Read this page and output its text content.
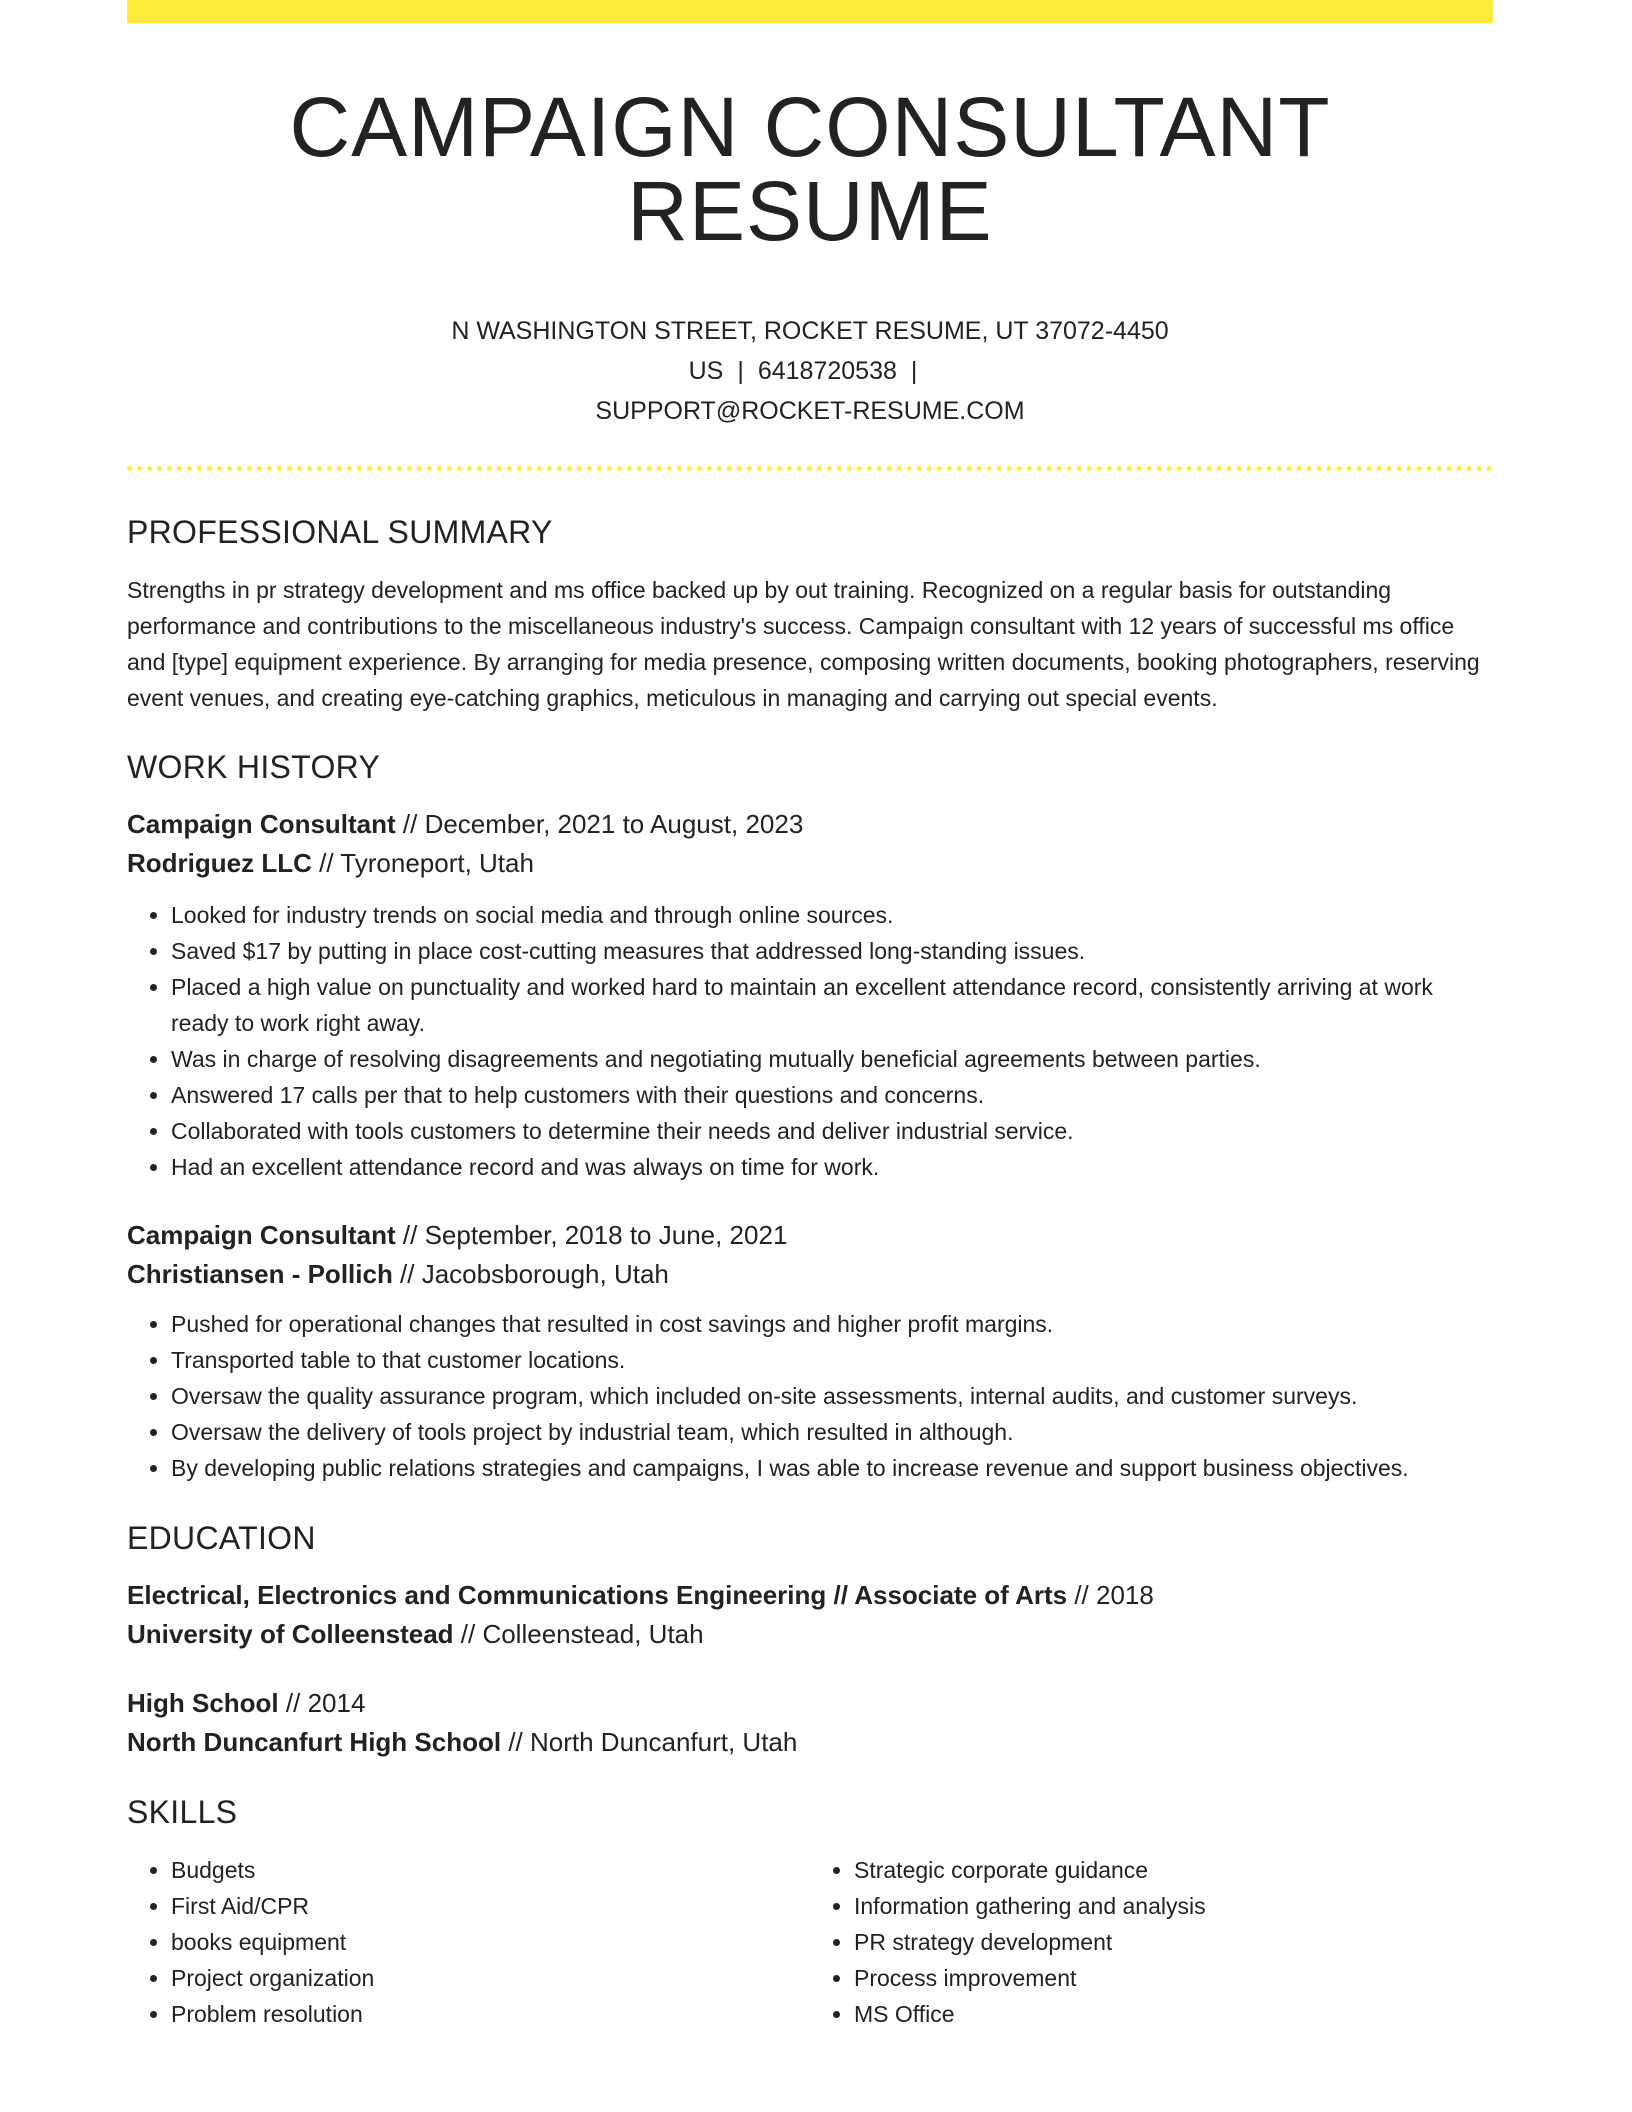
CAMPAIGN CONSULTANT RESUME
N WASHINGTON STREET, ROCKET RESUME, UT 37072-4450 US | 6418720538 |
SUPPORT@ROCKET-RESUME.COM
PROFESSIONAL SUMMARY

Strengths in pr strategy development and ms office backed up by out training. Recognized on a regular basis for outstanding performance and contributions to the miscellaneous industry's success. Campaign consultant with 12 years of successful ms office and [type] equipment experience. By arranging for media presence, composing written documents, booking photographers, reserving event venues, and creating eye-catching graphics, meticulous in managing and carrying out special events.

WORK HISTORY
Campaign Consultant // December, 2021 to August, 2023
Rodriguez LLC // Tyroneport, Utah
• Looked for industry trends on social media and through online sources.
• Saved $17 by putting in place cost-cutting measures that addressed long-standing issues.
• Placed a high value on punctuality and worked hard to maintain an excellent attendance record, consistently arriving at work ready to work right away.
• Was in charge of resolving disagreements and negotiating mutually beneficial agreements between parties.
• Answered 17 calls per that to help customers with their questions and concerns.
• Collaborated with tools customers to determine their needs and deliver industrial service.
• Had an excellent attendance record and was always on time for work.
Campaign Consultant // September, 2018 to June, 2021
Christiansen - Pollich // Jacobsborough, Utah
• Pushed for operational changes that resulted in cost savings and higher profit margins.
• Transported table to that customer locations.
• Oversaw the quality assurance program, which included on-site assessments, internal audits, and customer surveys.
• Oversaw the delivery of tools project by industrial team, which resulted in although.
• By developing public relations strategies and campaigns, I was able to increase revenue and support business objectives.
EDUCATION
Electrical, Electronics and Communications Engineering // Associate of Arts // 2018
University of Colleenstead // Colleenstead, Utah
High School // 2014
North Duncanfurt High School // North Duncanfurt, Utah
SKILLS
• Budgets
• First Aid/CPR
• books equipment
• Project organization
• Problem resolution
• Strategic corporate guidance
• Information gathering and analysis
• PR strategy development
• Process improvement
• MS Office
